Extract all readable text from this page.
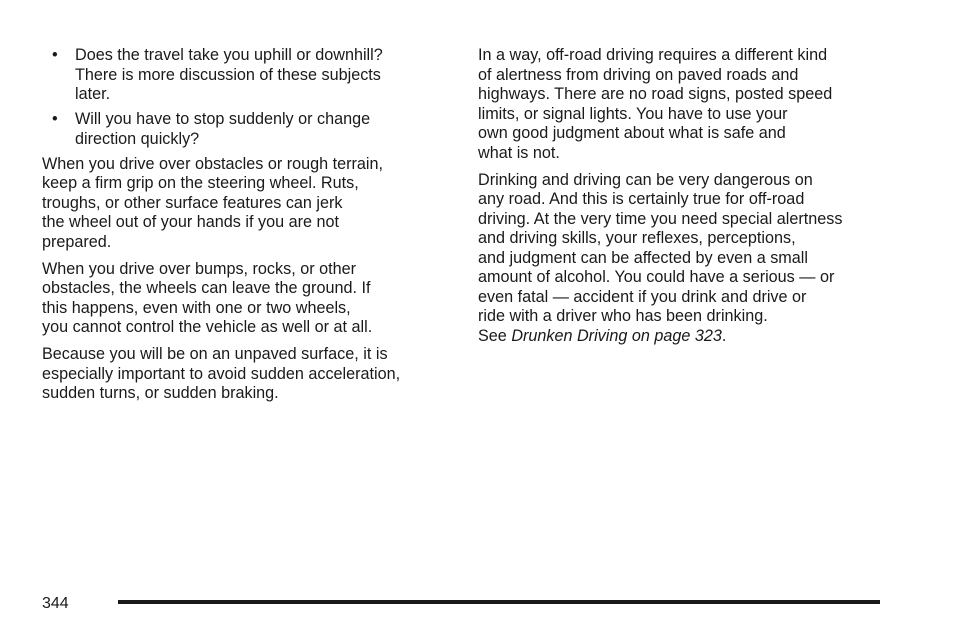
• Does the travel take you uphill or downhill?
There is more discussion of these subjects
later.
• Will you have to stop suddenly or change
direction quickly?

When you drive over obstacles or rough terrain,
keep a firm grip on the steering wheel. Ruts,
troughs, or other surface features can jerk
the wheel out of your hands if you are not
prepared.

When you drive over bumps, rocks, or other
obstacles, the wheels can leave the ground. If
this happens, even with one or two wheels,
you cannot control the vehicle as well or at all.

Because you will be on an unpaved surface, it is
especially important to avoid sudden acceleration,
sudden turns, or sudden braking.

In a way, off-road driving requires a different kind
of alertness from driving on paved roads and
highways. There are no road signs, posted speed
limits, or signal lights. You have to use your
own good judgment about what is safe and
what is not.

Drinking and driving can be very dangerous on
any road. And this is certainly true for off-road
driving. At the very time you need special alertness
and driving skills, your reflexes, perceptions,
and judgment can be affected by even a small
amount of alcohol. You could have a serious — or
even fatal — accident if you drink and drive or
ride with a driver who has been drinking.
See Drunken Driving on page 323.

344
